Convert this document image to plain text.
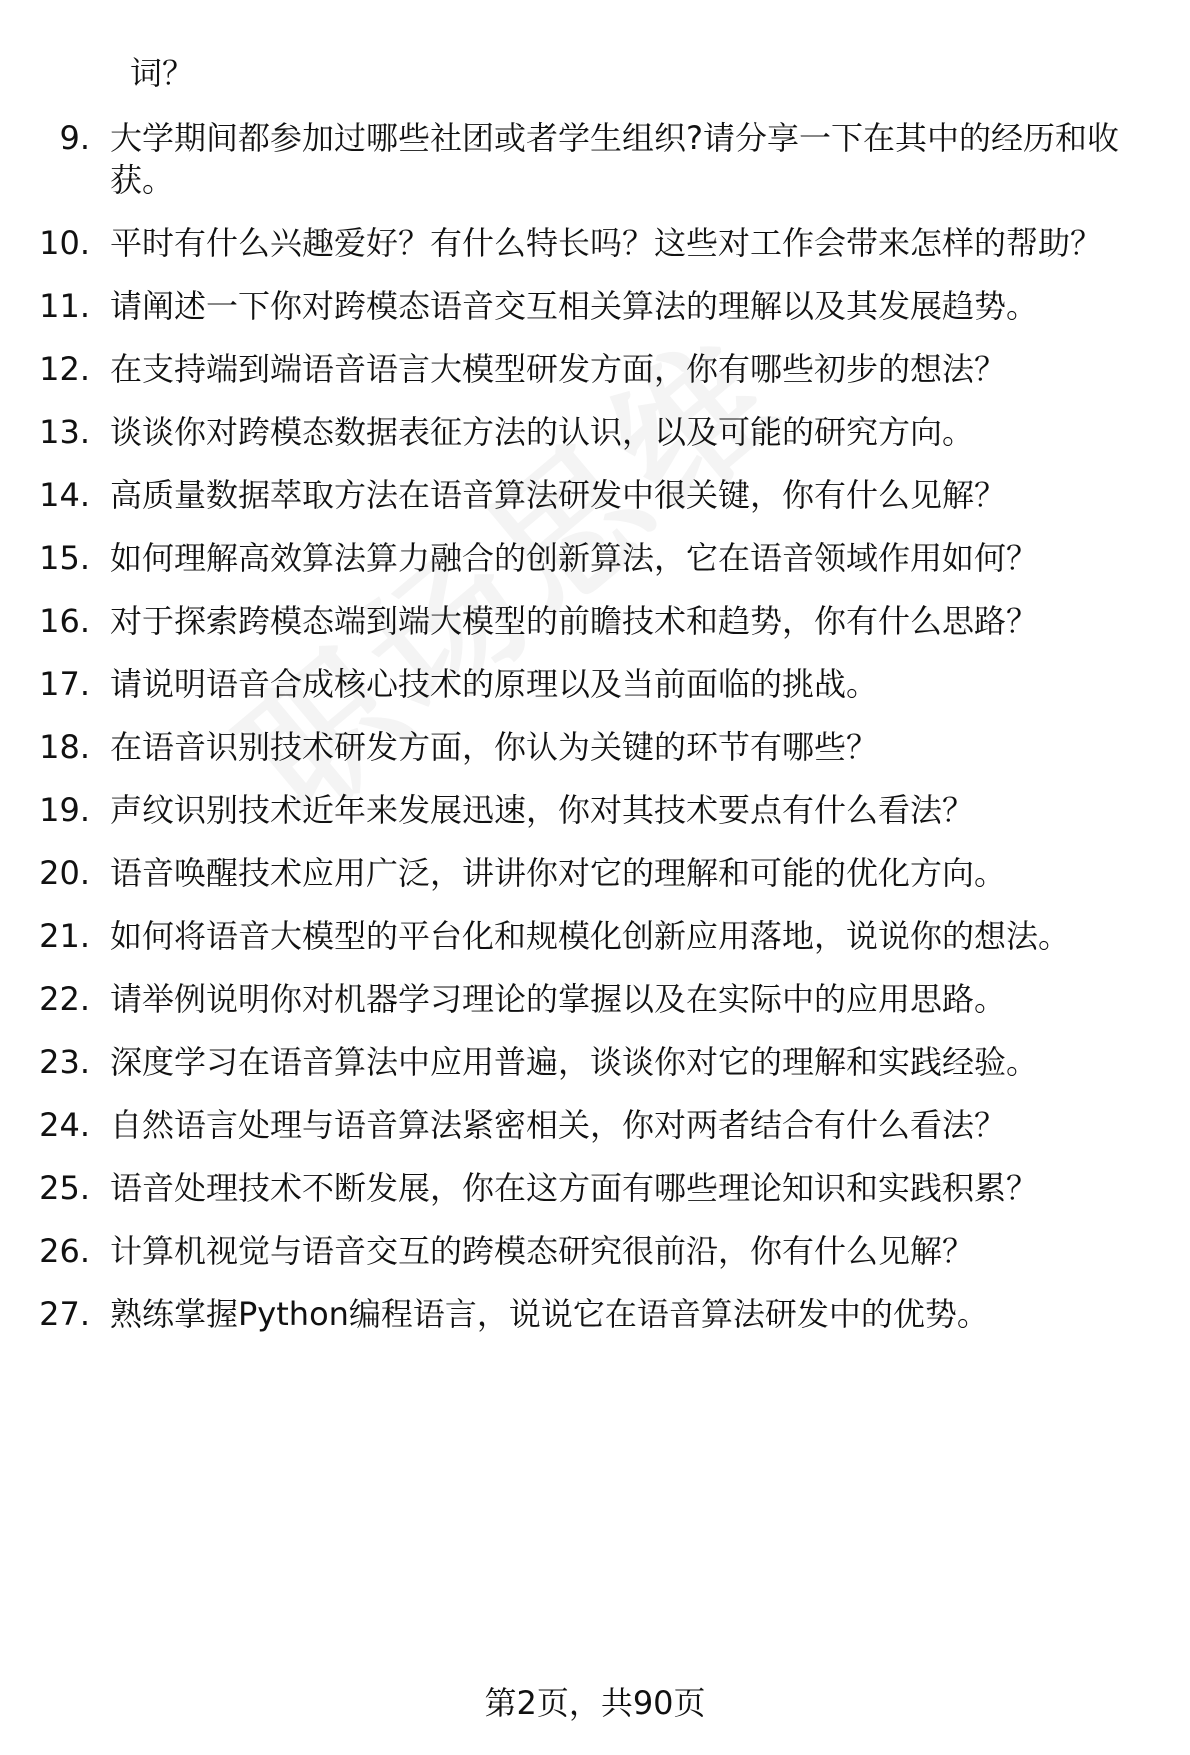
词？
9. 大学期间都参加过哪些社团或者学生组织?请分享一下在其中的经历和收获。
10. 平时有什么兴趣爱好？有什么特长吗？这些对工作会带来怎样的帮助？
11. 请阐述一下你对跨模态语音交互相关算法的理解以及其发展趋势。
12. 在支持端到端语音语言大模型研发方面，你有哪些初步的想法？
13. 谈谈你对跨模态数据表征方法的认识，以及可能的研究方向。
14. 高质量数据萃取方法在语音算法研发中很关键，你有什么见解？
15. 如何理解高效算法算力融合的创新算法，它在语音领域作用如何？
16. 对于探索跨模态端到端大模型的前瞻技术和趋势，你有什么思路？
17. 请说明语音合成核心技术的原理以及当前面临的挑战。
18. 在语音识别技术研发方面，你认为关键的环节有哪些？
19. 声纹识别技术近年来发展迅速，你对其技术要点有什么看法？
20. 语音唤醒技术应用广泛，讲讲你对它的理解和可能的优化方向。
21. 如何将语音大模型的平台化和规模化创新应用落地，说说你的想法。
22. 请举例说明你对机器学习理论的掌握以及在实际中的应用思路。
23. 深度学习在语音算法中应用普遍，谈谈你对它的理解和实践经验。
24. 自然语言处理与语音算法紧密相关，你对两者结合有什么看法？
25. 语音处理技术不断发展，你在这方面有哪些理论知识和实践积累？
26. 计算机视觉与语音交互的跨模态研究很前沿，你有什么见解？
27. 熟练掌握Python编程语言，说说它在语音算法研发中的优势。
第2页，共90页
